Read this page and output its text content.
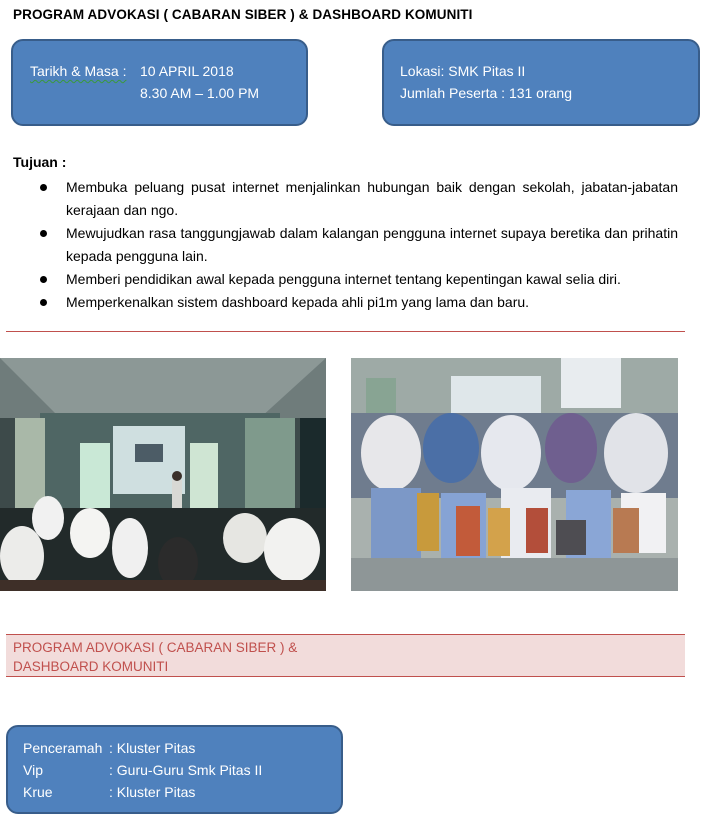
PROGRAM ADVOKASI ( CABARAN SIBER ) & DASHBOARD KOMUNITI
Tarikh & Masa : 10 APRIL 2018
8.30 AM – 1.00 PM
Lokasi: SMK Pitas II
Jumlah Peserta : 131 orang
Tujuan :
Membuka peluang pusat internet menjalinkan hubungan baik dengan sekolah, jabatan-jabatan kerajaan dan ngo.
Mewujudkan rasa tanggungjawab dalam kalangan pengguna internet supaya beretika dan prihatin kepada pengguna lain.
Memberi pendidikan awal kepada pengguna internet tentang kepentingan kawal selia diri.
Memperkenalkan sistem dashboard kepada ahli pi1m yang lama dan baru.
PROGRAM ADVOKASI ( CABARAN SIBER ) &
DASHBOARD KOMUNITI
Penceramah : Kluster Pitas
Vip	: Guru-Guru Smk Pitas II
Krue	: Kluster Pitas
